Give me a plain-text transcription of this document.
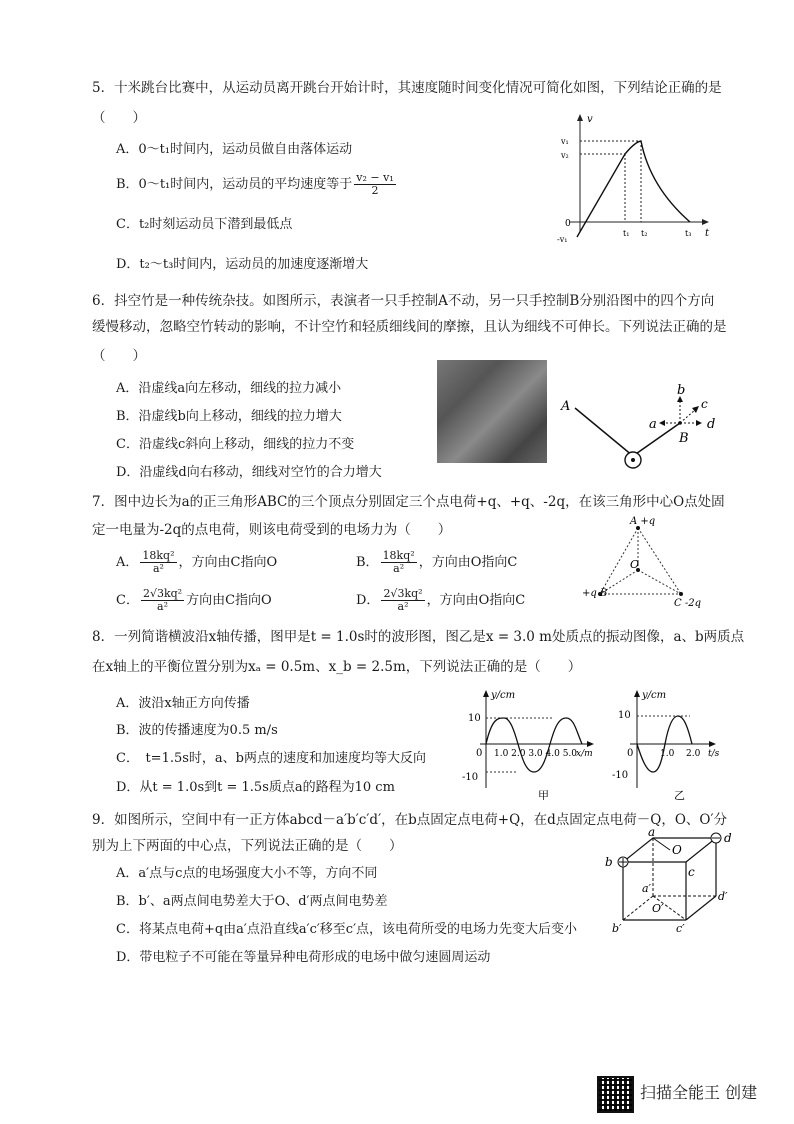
5．十米跳台比赛中，从运动员离开跳台开始计时，其速度随时间变化情况可简化如图，下列结论正确的是
（　　）
A．0～t₁时间内，运动员做自由落体运动
B．0～t₁时间内，运动员的平均速度等于 $\frac{\text{v₂ − v₁}}{2}$
C．t₂时刻运动员下潜到最低点
D．t₂～t₃时间内，运动员的加速度逐渐增大
v
t
v₁
v₂
0
-v₁
t₁ t₂	t₃
6．抖空竹是一种传统杂技。如图所示，表演者一只手控制A不动，另一只手控制B分别沿图中的四个方向
缓慢移动，忽略空竹转动的影响，不计空竹和轻质细线间的摩擦，且认为细线不可伸长。下列说法正确的是
（　　）
A．沿虚线a向左移动，细线的拉力减小
B．沿虚线b向上移动，细线的拉力增大
C．沿虚线c斜向上移动，细线的拉力不变
D．沿虚线d向右移动，细线对空竹的合力增大
A
B
a
b
c
d
7．图中边长为a的正三角形ABC的三个顶点分别固定三个点电荷+q、+q、-2q，在该三角形中心O点处固
定一电量为-2q的点电荷，则该电荷受到的电场力为（　　）
A． $\frac{\text{18kq²}}{\text{a²}}$ ，方向由C指向O	B． $\frac{\text{18kq²}}{\text{a²}}$ ，方向由O指向C
C． $\frac{\text{2√3kq²}}{\text{a²}}$ 方向由C指向O	D． $\frac{\text{2√3kq²}}{\text{a²}}$ ，方向由O指向C
A +q
+q B
C -2q
O
8．一列简谐横波沿x轴传播，图甲是t = 1.0s时的波形图，图乙是x = 3.0 m处质点的振动图像，a、b两质点
在x轴上的平衡位置分别为xₐ = 0.5m、x_b = 2.5m，下列说法正确的是（　　）
A．波沿x轴正方向传播
B．波的传播速度为0.5 m/s
C．　t=1.5s时，a、b两点的速度和加速度均等大反向
D．从t = 1.0s到t = 1.5s质点a的路程为10 cm
y/cm
10
-10
0 1.0 2.0 3.0 4.0 5.0
x/m
甲
y/cm
10
-10
0	1.0 2.0 t/s
乙
9．如图所示，空间中有一正方体abcd－a′b′c′d′，在b点固定点电荷+Q，在d点固定点电荷－Q，O、O′分
别为上下两面的中心点，下列说法正确的是（　　）
A．a′点与c点的电场强度大小不等，方向不同
B．b′、a两点间电势差大于O、d′两点间电势差
C．将某点电荷+q由a′点沿直线a′c′移至c′点，该电荷所受的电场力先变大后变小
D．带电粒子不可能在等量异种电荷形成的电场中做匀速圆周运动
a
b
d
c
O
a′
d′
O′
b′	c′
扫描全能王 创建
